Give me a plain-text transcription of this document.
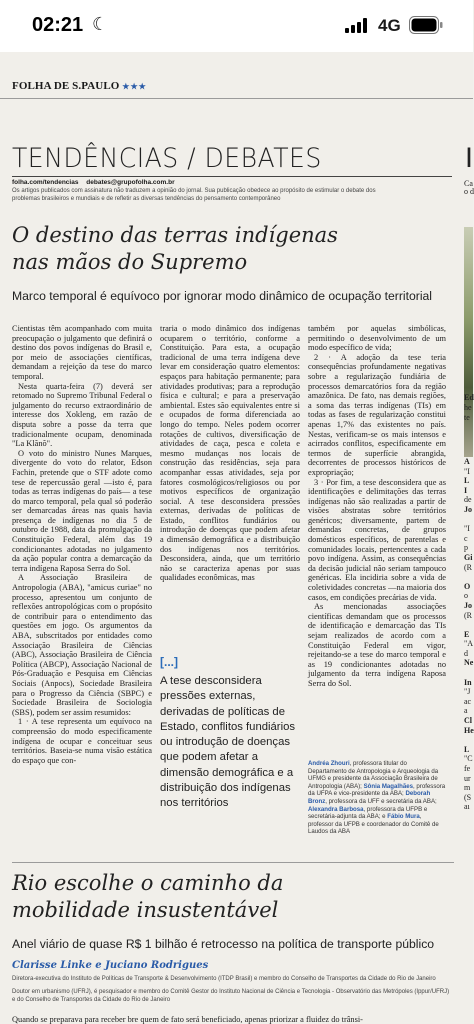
02:21 ☾	4G
FOLHA DE S.PAULO ★★★
TENDÊNCIAS / DEBATES	I
folha.com/tendencias debates@grupofolha.com.br
Os artigos publicados com assinatura não traduzem a opinião do jornal. Sua publicação obedece ao propósito de estimular o debate dos problemas brasileiros e mundiais e de refletir as diversas tendências do pensamento contemporâneo
O destino das terras indígenas nas mãos do Supremo
Marco temporal é equívoco por ignorar modo dinâmico de ocupação territorial

Cientistas têm acompanhado com muita preocupação o julgamento que definirá o destino dos povos indígenas do Brasil e, por meio de associações científicas, demandam a rejeição da tese do marco temporal.

Nesta quarta-feira (7) deverá ser retomado no Supremo Tribunal Federal o julgamento do recurso extraordinário de interesse dos Xokleng, em razão de disputa sobre a posse da terra que tradicionalmente ocupam, denominada "La Klãnõ".

O voto do ministro Nunes Marques, divergente do voto do relator, Edson Fachin, pretende que o STF adote como tese de repercussão geral —isto é, para todas as terras indígenas do país— a tese do marco temporal, pela qual só poderão ser demarcadas áreas nas quais havia presença de indígenas no dia 5 de outubro de 1988, data da promulgação da Constituição Federal, além das 19 condicionantes adotadas no julgamento da ação popular contra a demarcação da terra indígena Raposa Serra do Sol.

A Associação Brasileira de Antropologia (ABA), "amicus curiae" no processo, apresentou um conjunto de reflexões antropológicas com o propósito de contribuir para o entendimento das questões em jogo. Os argumentos da ABA, subscritados por entidades como Associação Brasileira de Ciências (ABC), Associação Brasileira de Ciência Política (ABCP), Associação Nacional de Pós-Graduação e Pesquisa em Ciências Sociais (Anpocs), Sociedade Brasileira para o Progresso da Ciência (SBPC) e Sociedade Brasileira de Sociologia (SBS), podem ser assim resumidos:

1 · A tese representa um equívoco na compreensão do modo especificamente indígena de ocupar e conceituar seus territórios. Baseia-se numa visão estática do espaço que con-

traria o modo dinâmico dos indígenas ocuparem o território, conforme a Constituição. Para esta, a ocupação tradicional de uma terra indígena deve levar em consideração quatro elementos: espaços para habitação permanente; para atividades produtivas; para a reprodução física e cultural; e para a preservação ambiental. Estes são equivalentes entre si e ocupados de forma diferenciada ao longo do tempo. Neles podem ocorrer rotações de cultivos, diversificação de atividades de caça, pesca e coleta e mesmo mudanças nos locais de construção das residências, seja para acompanhar essas atividades, seja por fatores cosmológicos/religiosos ou por motivos específicos de organização social. A tese desconsidera pressões externas, derivadas de políticas de Estado, conflitos fundiários ou introdução de doenças que podem afetar a dimensão demográfica e a distribuição dos indígenas nos territórios. Desconsidera, ainda, que um território não se caracteriza apenas por suas qualidades econômicas, mas

também por aquelas simbólicas, permitindo o desenvolvimento de um modo específico de vida;

2 · A adoção da tese teria consequências profundamente negativas sobre a regularização fundiária de processos demarcatórios fora da região amazônica. De fato, nas demais regiões, a soma das terras indígenas (TIs) em todas as fases de regularização constitui apenas 1,7% das existentes no país. Nestas, verificam-se os mais intensos e acirrados conflitos, especificamente em termos de superfície abrangida, decorrentes de processos históricos de expropriação;

3 · Por fim, a tese desconsidera que as identificações e delimitações das terras indígenas não são realizadas a partir de visões abstratas sobre territórios genéricos; diversamente, partem de demandas concretas, de grupos domésticos específicos, de parentelas e comunidades locais, pertencentes a cada povo indígena. Assim, as consequências da decisão judicial não seriam tampouco genéricas. Ela incidiria sobre a vida de coletividades concretas —na maioria dos casos, em condições precárias de vida.

As mencionadas associações científicas demandam que os processos de identificação e demarcação das TIs sejam realizados de acordo com a Constituição Federal em vigor, rejeitando-se a tese do marco temporal e as 19 condicionantes adotadas no julgamento da terra indígena Raposa Serra do Sol.

[...]
A tese desconsidera pressões externas, derivadas de políticas de Estado, conflitos fundiários ou introdução de doenças que podem afetar a dimensão demográfica e a distribuição dos indígenas nos territórios
Andréa Zhouri, professora titular do Departamento de Antropologia e Arqueologia da UFMG e presidente da Associação Brasileira de Antropologia (ABA); Sônia Magalhães, professora da UFPA e vice-presidente da ABA; Deborah Bronz, professora da UFF e secretária da ABA; Alexandra Barbosa, professora da UFPB e secretária-adjunta da ABA; e Fábio Mura, professor da UFPB e coordenador do Comitê de Laudos da ABA
Ca
o d
Ed
he
te
A
"I
L
I
de
Jo
"I
c
p
Gi
(R
O
o
Jo
(R
E
"A
d
Ne
In
"J
ac
a
Cl
He
L
"C
fe
ur
m
(S
aı
Rio escolhe o caminho da mobilidade insustentável
Anel viário de quase R$ 1 bilhão é retrocesso na política de transporte público
Clarisse Linke e Juciano Rodrigues

Diretora-executiva do Instituto de Políticas de Transporte & Desenvolvimento (ITDP Brasil) e membro do Conselho de Transportes da Cidade do Rio de Janeiro

Doutor em urbanismo (UFRJ), é pesquisador e membro do Comitê Gestor do Instituto Nacional de Ciência e Tecnologia - Observatório das Metrópoles (Ippur/UFRJ) e do Conselho de Transportes da Cidade do Rio de Janeiro

Quando se preparava para receber bre quem de fato será beneficiado, apenas priorizar a fluidez do trânsi-
